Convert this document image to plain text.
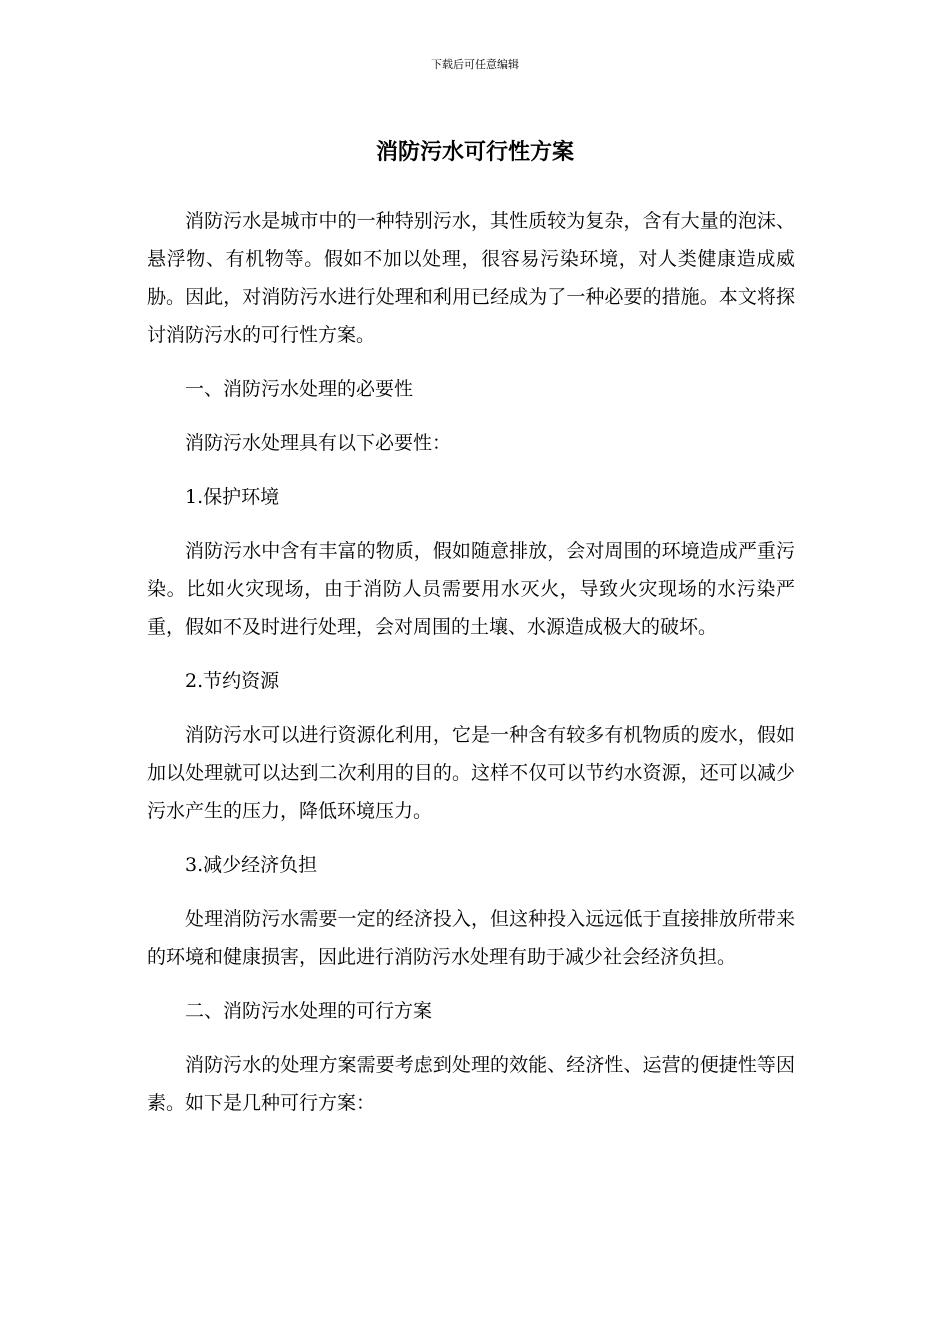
下载后可任意编辑
消防污水可行性方案

消防污水是城市中的一种特别污水，其性质较为复杂，含有大量的泡沫、悬浮物、有机物等。假如不加以处理，很容易污染环境，对人类健康造成威胁。因此，对消防污水进行处理和利用已经成为了一种必要的措施。本文将探讨消防污水的可行性方案。

一、消防污水处理的必要性

消防污水处理具有以下必要性：

1.保护环境

消防污水中含有丰富的物质，假如随意排放，会对周围的环境造成严重污染。比如火灾现场，由于消防人员需要用水灭火，导致火灾现场的水污染严重，假如不及时进行处理，会对周围的土壤、水源造成极大的破坏。

2.节约资源

消防污水可以进行资源化利用，它是一种含有较多有机物质的废水，假如加以处理就可以达到二次利用的目的。这样不仅可以节约水资源，还可以减少污水产生的压力，降低环境压力。

3.减少经济负担

处理消防污水需要一定的经济投入，但这种投入远远低于直接排放所带来的环境和健康损害，因此进行消防污水处理有助于减少社会经济负担。

二、消防污水处理的可行方案

消防污水的处理方案需要考虑到处理的效能、经济性、运营的便捷性等因素。如下是几种可行方案：
